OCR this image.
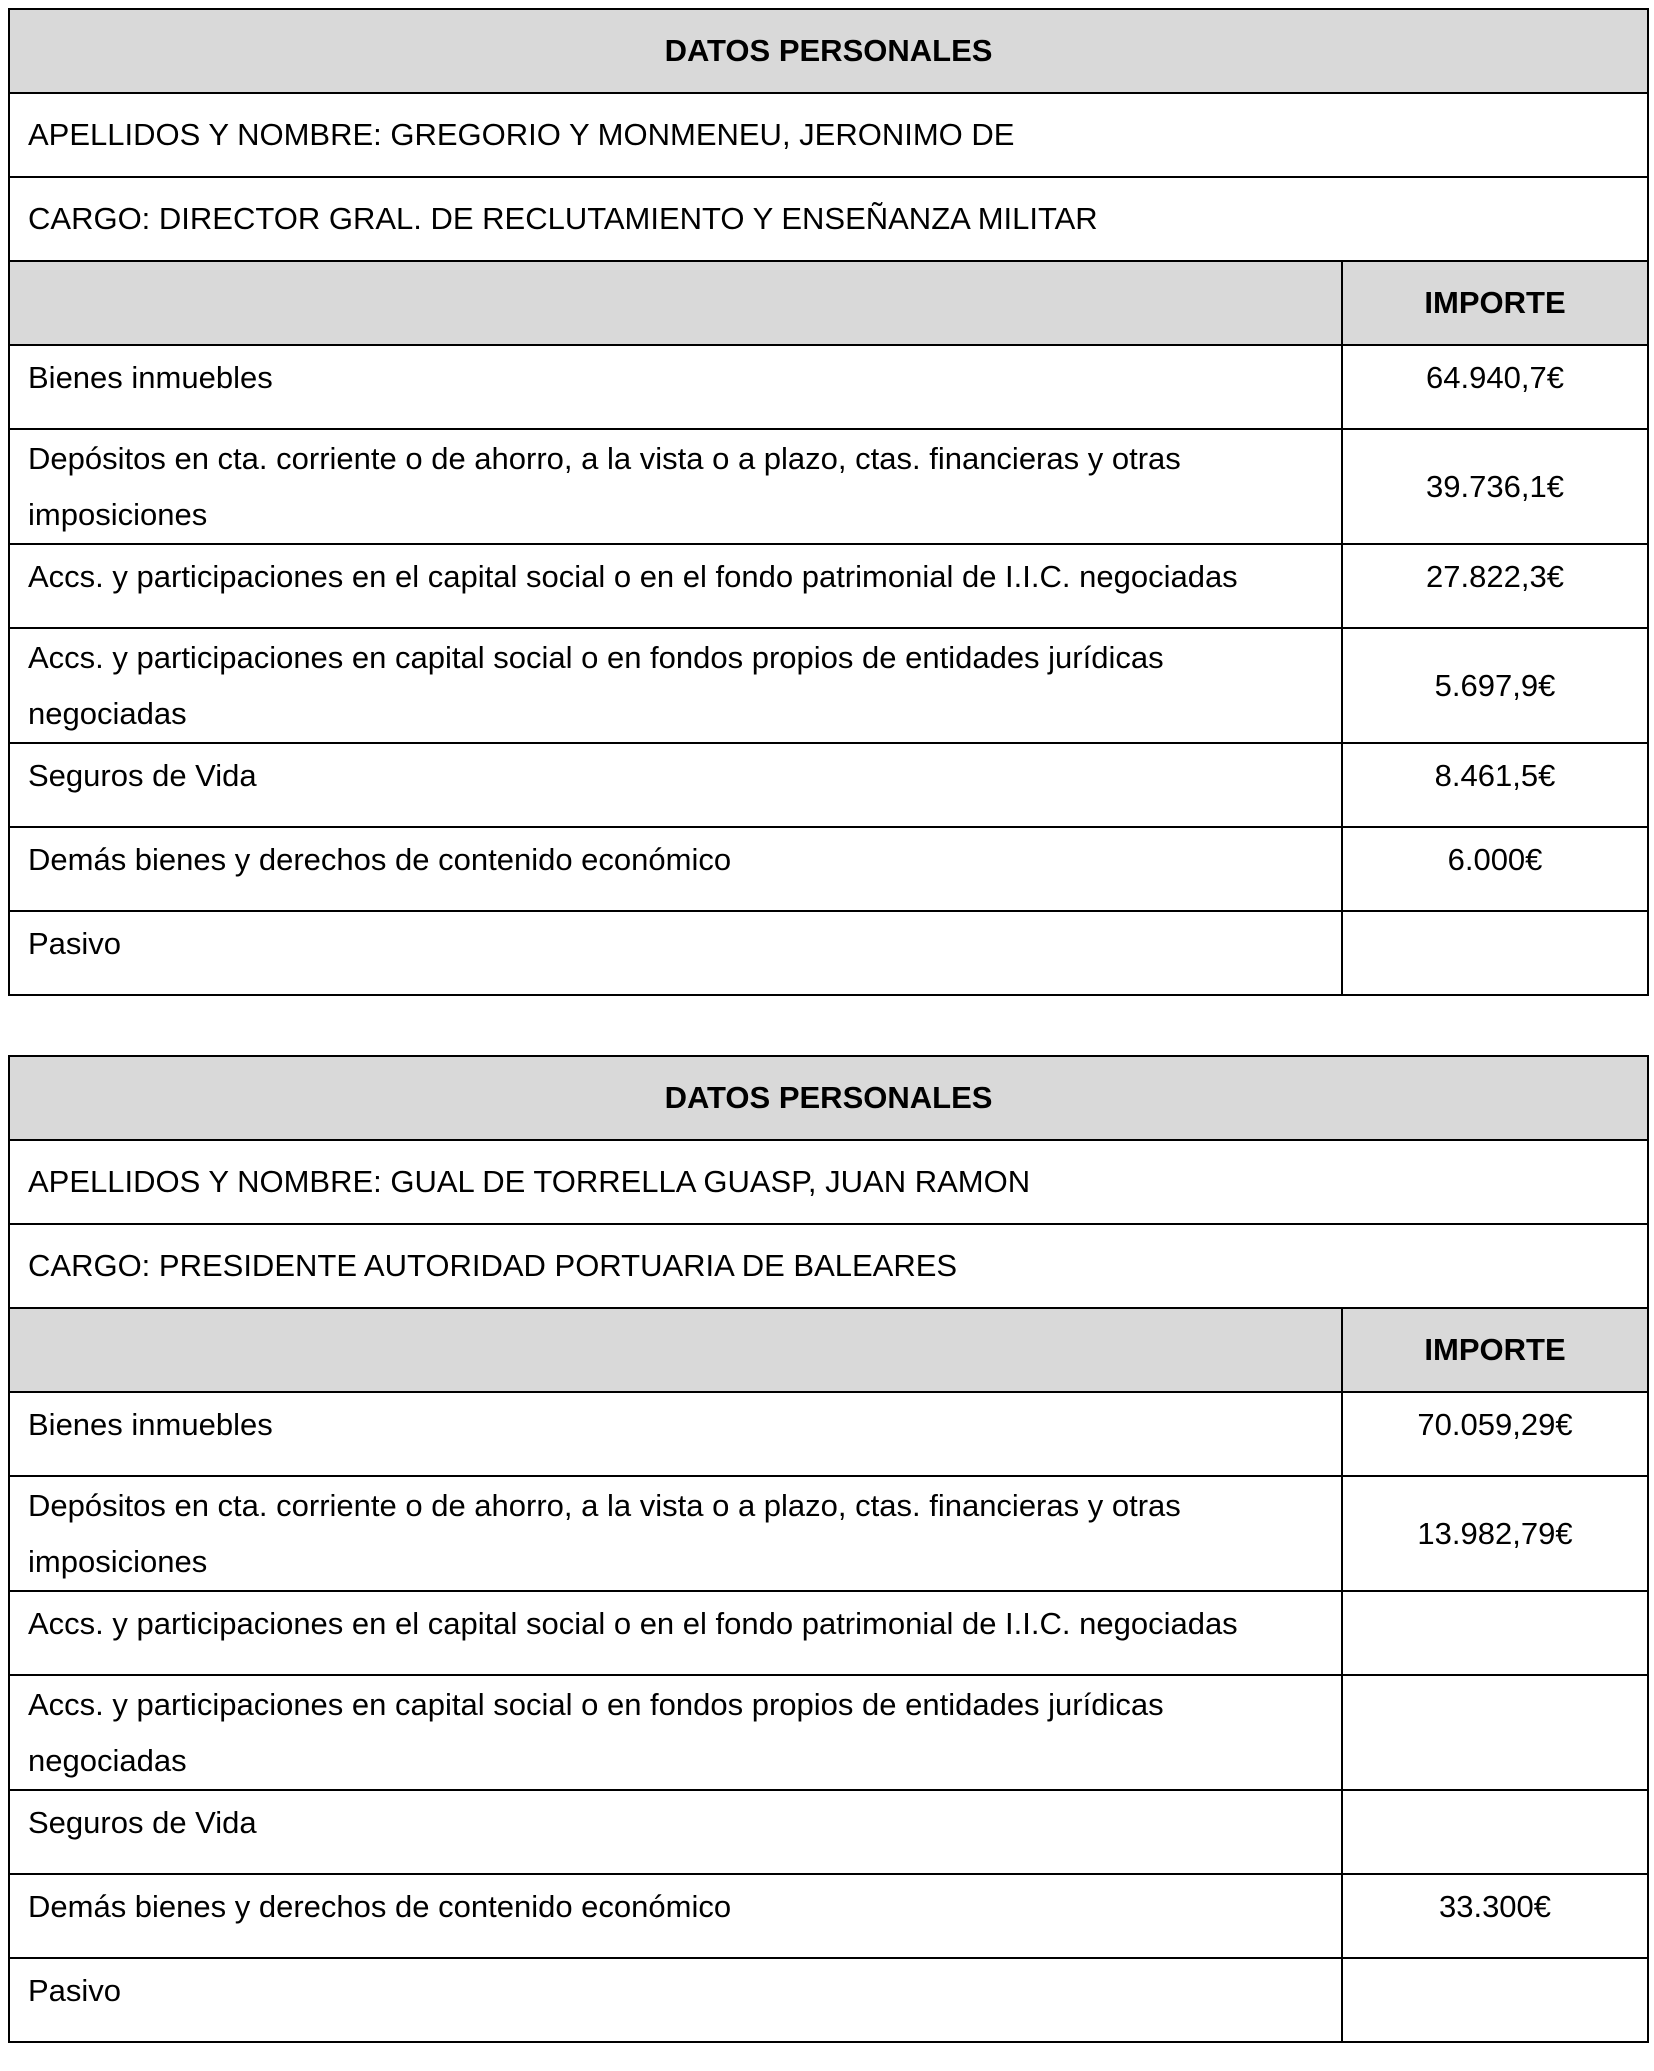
DATOS PERSONALES	
APELLIDOS Y NOMBRE: GREGORIO Y MONMENEU, JERONIMO DE	
CARGO: DIRECTOR GRAL. DE RECLUTAMIENTO Y ENSEÑANZA MILITAR	
	IMPORTE
Bienes inmuebles	64.940,7€
Depósitos en cta. corriente o de ahorro, a la vista o a plazo, ctas. financieras y otras imposiciones	39.736,1€
Accs. y participaciones en el capital social o en el fondo patrimonial de I.I.C. negociadas	27.822,3€
Accs. y participaciones en capital social o en fondos propios de entidades jurídicas negociadas	5.697,9€
Seguros de Vida	8.461,5€
Demás bienes y derechos de contenido económico	6.000€
Pasivo	
DATOS PERSONALES	
APELLIDOS Y NOMBRE: GUAL DE TORRELLA GUASP, JUAN RAMON	
CARGO: PRESIDENTE AUTORIDAD PORTUARIA DE BALEARES	
	IMPORTE
Bienes inmuebles	70.059,29€
Depósitos en cta. corriente o de ahorro, a la vista o a plazo, ctas. financieras y otras imposiciones	13.982,79€
Accs. y participaciones en el capital social o en el fondo patrimonial de I.I.C. negociadas	
Accs. y participaciones en capital social o en fondos propios de entidades jurídicas negociadas	
Seguros de Vida	
Demás bienes y derechos de contenido económico	33.300€
Pasivo	
